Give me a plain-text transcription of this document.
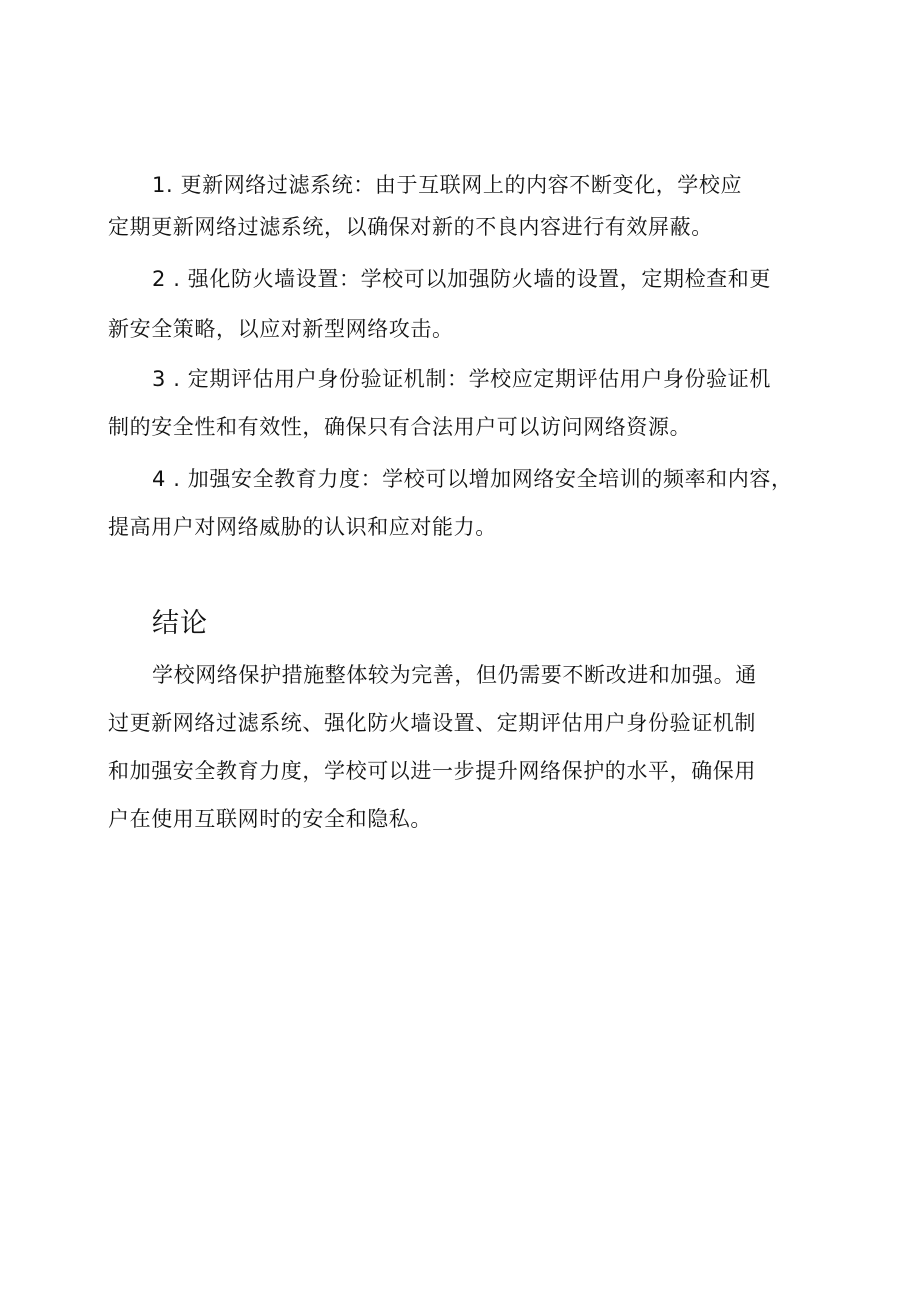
1. 更新网络过滤系统：由于互联网上的内容不断变化，学校应
定期更新网络过滤系统，以确保对新的不良内容进行有效屏蔽。
2 . 强化防火墙设置：学校可以加强防火墙的设置，定期检查和更
新安全策略，以应对新型网络攻击。
3 . 定期评估用户身份验证机制：学校应定期评估用户身份验证机
制的安全性和有效性，确保只有合法用户可以访问网络资源。
4 . 加强安全教育力度：学校可以增加网络安全培训的频率和内容，
提高用户对网络威胁的认识和应对能力。
结论
学校网络保护措施整体较为完善，但仍需要不断改进和加强。通
过更新网络过滤系统、强化防火墙设置、定期评估用户身份验证机制
和加强安全教育力度，学校可以进一步提升网络保护的水平，确保用
户在使用互联网时的安全和隐私。
